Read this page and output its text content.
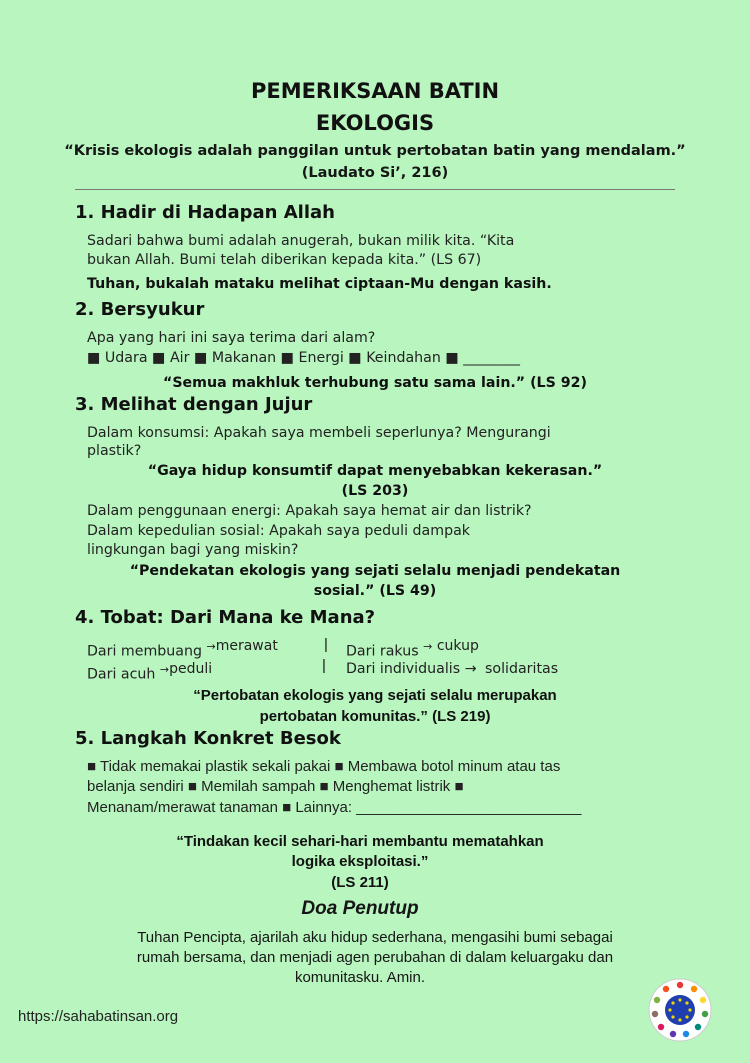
PEMERIKSAAN BATIN
EKOLOGIS
“Krisis ekologis adalah panggilan untuk pertobatan batin yang mendalam.”
(Laudato Si’, 216)
1. Hadir di Hadapan Allah
Sadari bahwa bumi adalah anugerah, bukan milik kita. “Kita
bukan Allah. Bumi telah diberikan kepada kita.” (LS 67)
Tuhan, bukalah mataku melihat ciptaan-Mu dengan kasih.
2. Bersyukur
Apa yang hari ini saya terima dari alam?
■ Udara ■ Air ■ Makanan ■ Energi ■ Keindahan ■ ________
“Semua makhluk terhubung satu sama lain.” (LS 92)
3. Melihat dengan Jujur
Dalam konsumsi: Apakah saya membeli seperlunya? Mengurangi
plastik?
“Gaya hidup konsumtif dapat menyebabkan kekerasan.”
(LS 203)
Dalam penggunaan energi: Apakah saya hemat air dan listrik?
Dalam kepedulian sosial: Apakah saya peduli dampak
lingkungan bagi yang miskin?
“Pendekatan ekologis yang sejati selalu menjadi pendekatan
sosial.” (LS 49)
4. Tobat: Dari Mana ke Mana?
Dari membuang $^{\to merawat}$	| Dari rakus → $^{cukup}$
Dari acuh $^{\to peduli}$	| Dari individualis → solidaritas
“Pertobatan ekologis yang sejati selalu merupakan
pertobatan komunitas.” (LS 219)
5. Langkah Konkret Besok
■ Tidak memakai plastik sekali pakai ■ Membawa botol minum atau tas
belanja sendiri ■ Memilah sampah ■ Menghemat listrik ■
Menanam/merawat tanaman ■ Lainnya: ___________________________
“Tindakan kecil sehari-hari membantu mematahkan
logika eksploitasi.”
(LS 211)
Doa Penutup
Tuhan Pencipta, ajarilah aku hidup sederhana, mengasihi bumi sebagai
rumah bersama, dan menjadi agen perubahan di dalam keluargaku dan
komunitasku. Amin.
https://sahabatinsan.org
